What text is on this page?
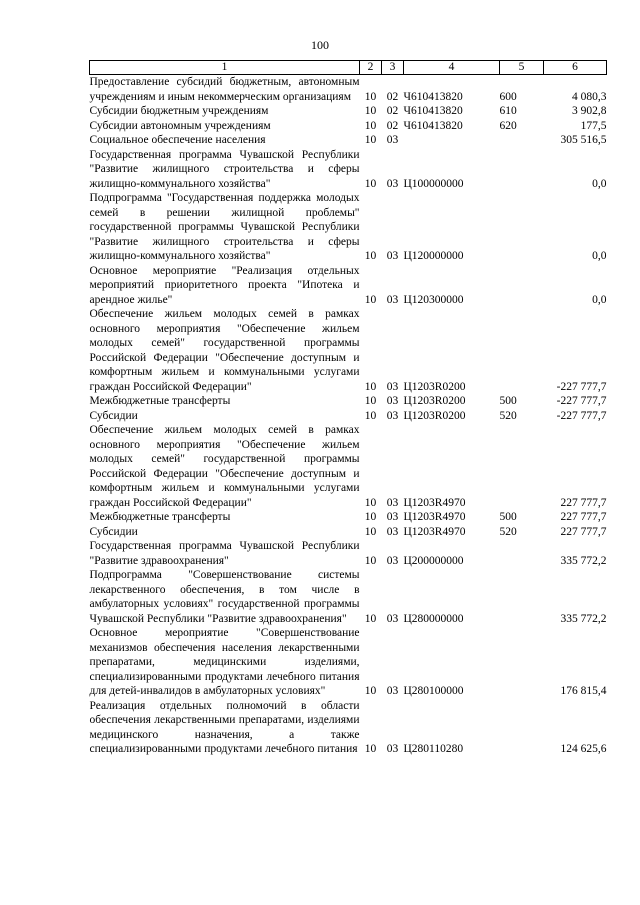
100
1	2	3	4	5	6
Предоставление субсидий бюджетным, автономным учреждениям и иным некоммерческим организациям	10	02	Ч610413820	600	4 080,3
Субсидии бюджетным учреждениям	10	02	Ч610413820	610	3 902,8
Субсидии автономным учреждениям	10	02	Ч610413820	620	177,5
Социальное обеспечение населения	10	03			305 516,5
Государственная программа Чувашской Республики "Развитие жилищного строительства и сферы жилищно-коммунального хозяйства"	10	03	Ц100000000		0,0
Подпрограмма "Государственная поддержка молодых семей в решении жилищной проблемы" государственной программы Чувашской Республики "Развитие жилищного строительства и сферы жилищно-коммунального хозяйства"	10	03	Ц120000000		0,0
Основное мероприятие "Реализация отдельных мероприятий приоритетного проекта "Ипотека и арендное жилье"	10	03	Ц120300000		0,0
Обеспечение жильем молодых семей в рамках основного мероприятия "Обеспечение жильем молодых семей" государственной программы Российской Федерации "Обеспечение доступным и комфортным жильем и коммунальными услугами граждан Российской Федерации"	10	03	Ц1203R0200		-227 777,7
Межбюджетные трансферты	10	03	Ц1203R0200	500	-227 777,7
Субсидии	10	03	Ц1203R0200	520	-227 777,7
Обеспечение жильем молодых семей в рамках основного мероприятия "Обеспечение жильем молодых семей" государственной программы Российской Федерации "Обеспечение доступным и комфортным жильем и коммунальными услугами граждан Российской Федерации"	10	03	Ц1203R4970		227 777,7
Межбюджетные трансферты	10	03	Ц1203R4970	500	227 777,7
Субсидии	10	03	Ц1203R4970	520	227 777,7
Государственная программа Чувашской Республики "Развитие здравоохранения"	10	03	Ц200000000		335 772,2
Подпрограмма "Совершенствование системы лекарственного обеспечения, в том числе в амбулаторных условиях" государственной программы Чувашской Республики "Развитие здравоохранения"	10	03	Ц280000000		335 772,2
Основное мероприятие "Совершенствование механизмов обеспечения населения лекарственными препаратами, медицинскими изделиями, специализированными продуктами лечебного питания для детей-инвалидов в амбулаторных условиях"	10	03	Ц280100000		176 815,4
Реализация отдельных полномочий в области обеспечения лекарственными препаратами, изделиями медицинского назначения, а также специализированными продуктами лечебного питания	10	03	Ц280110280		124 625,6
